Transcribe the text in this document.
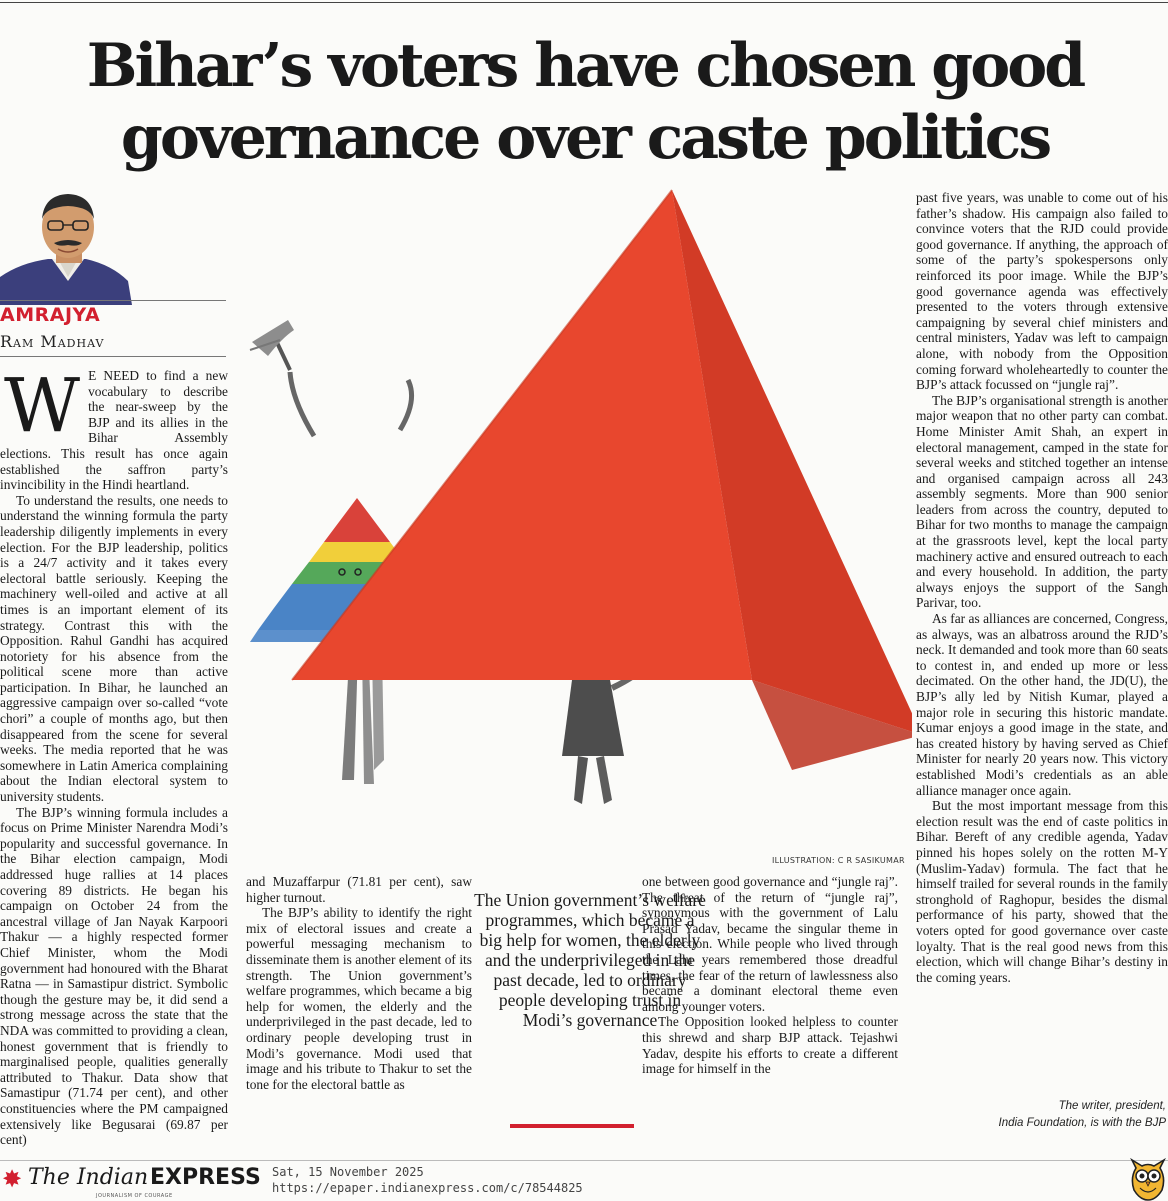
Bihar’s voters have chosen good
governance over caste politics
AMRAJYA
Ram Madhav

W E NEED to find a new vocabulary to describe the near-sweep by the BJP and its allies in the Bihar Assembly elections. This result has once again established the saffron party’s invincibility in the Hindi heartland.

To understand the results, one needs to understand the winning formula the party leadership diligently implements in every election. For the BJP leadership, politics is a 24/7 activity and it takes every electoral battle seriously. Keeping the machinery well-oiled and active at all times is an important element of its strategy. Contrast this with the Opposition. Rahul Gandhi has acquired notoriety for his absence from the political scene more than active participation. In Bihar, he launched an aggressive campaign over so-called “vote chori” a couple of months ago, but then disappeared from the scene for several weeks. The media reported that he was somewhere in Latin America complaining about the Indian electoral system to university students.

The BJP’s winning formula includes a focus on Prime Minister Narendra Modi’s popularity and successful governance. In the Bihar election campaign, Modi addressed huge rallies at 14 places covering 89 districts. He began his campaign on October 24 from the ancestral village of Jan Nayak Karpoori Thakur — a highly respected former Chief Minister, whom the Modi government had honoured with the Bharat Ratna — in Samastipur district. Symbolic though the gesture may be, it did send a strong message across the state that the NDA was committed to providing a clean, honest government that is friendly to marginalised people, qualities generally attributed to Thakur. Data show that Samastipur (71.74 per cent), and other constituencies where the PM campaigned extensively like Begusarai (69.87 per cent)

ILLUSTRATION: C R SASIKUMAR

and Muzaffarpur (71.81 per cent), saw higher turnout.

The BJP’s ability to identify the right mix of electoral issues and create a powerful messaging mechanism to disseminate them is another element of its strength. The Union government’s welfare programmes, which became a big help for women, the elderly and the underprivileged in the past decade, led to ordinary people developing trust in Modi’s governance. Modi used that image and his tribute to Thakur to set the tone for the electoral battle as

The Union government’s welfare programmes, which became a big help for women, the elderly and the underprivileged in the past decade, led to ordinary people developing trust in Modi’s governance

one between good governance and “jungle raj”. The threat of the return of “jungle raj”, synonymous with the government of Lalu Prasad Yadav, became the singular theme in this election. While people who lived through the Lalu years remembered those dreadful times, the fear of the return of lawlessness also became a dominant electoral theme even among younger voters.

The Opposition looked helpless to counter this shrewd and sharp BJP attack. Tejashwi Yadav, despite his efforts to create a different image for himself in the

past five years, was unable to come out of his father’s shadow. His campaign also failed to convince voters that the RJD could provide good governance. If anything, the approach of some of the party’s spokespersons only reinforced its poor image. While the BJP’s good governance agenda was effectively presented to the voters through extensive campaigning by several chief ministers and central ministers, Yadav was left to campaign alone, with nobody from the Opposition coming forward wholeheartedly to counter the BJP’s attack focussed on “jungle raj”.

The BJP’s organisational strength is another major weapon that no other party can combat. Home Minister Amit Shah, an expert in electoral management, camped in the state for several weeks and stitched together an intense and organised campaign across all 243 assembly segments. More than 900 senior leaders from across the country, deputed to Bihar for two months to manage the campaign at the grassroots level, kept the local party machinery active and ensured outreach to each and every household. In addition, the party always enjoys the support of the Sangh Parivar, too.

As far as alliances are concerned, Congress, as always, was an albatross around the RJD’s neck. It demanded and took more than 60 seats to contest in, and ended up more or less decimated. On the other hand, the JD(U), the BJP’s ally led by Nitish Kumar, played a major role in securing this historic mandate. Kumar enjoys a good image in the state, and has created history by having served as Chief Minister for nearly 20 years now. This victory established Modi’s credentials as an able alliance manager once again.

But the most important message from this election result was the end of caste politics in Bihar. Bereft of any credible agenda, Yadav pinned his hopes solely on the rotten M-Y (Muslim-Yadav) formula. The fact that he himself trailed for several rounds in the family stronghold of Raghopur, besides the dismal performance of his party, showed that the voters opted for good governance over caste loyalty. That is the real good news from this election, which will change Bihar’s destiny in the coming years.

The writer, president,
India Foundation, is with the BJP
✸ The Indian EXPRESS
JOURNALISM OF COURAGE
Sat, 15 November 2025
https://epaper.indianexpress.com/c/78544825
